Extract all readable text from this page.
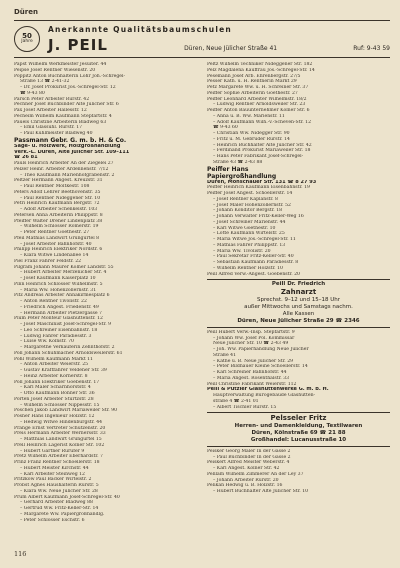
Düren
50
Jahre
Anerkannte Qualitätsbaumschulen
J. PEIL	Düren, Neue Jülicher Straße 41	Ruf: 9-43 59
Papst Wilhelm Werkmeister Jesuiter. 44
Peipse Josef Rentner Wiesenstr. 20
Poppitz Anton Buchhalterin Lohr Joh.-Schregel-
Straße 13 ☎ 2-41-32
– Dr. Josef Prokurist Jos.-Schregel-Str. 12
☎ 9-43 80
Parsch Peter Arbeiter Rurstr. 42
Pechner Josef Buchbinder Alte Jülicher Str. 6
Pax Josef Arbeiter Hallesstr. 12
Pecheim Wilhelm Kaufmann Stepfartstr. 4
Pauels Christine Arbeiterin Bladweg 63
– Emil Glassuhl. Rurstr. 17
– Paul Kühlmeister Bladweg 40
Passmann Gebr. G. m. b. H. & Co.
Säge- u. Holzwerk, Holzgroßhandlung
Verk.-L. Düren, Alte Jülicher Str. 109–111
☎ 26 81
Pauls Heinrich Arbeiter An der Ziegelei 27
Pelzer Heinr. Arbeiter Ardennenstr. 7/12
– Theo Kaufmann Marienhofgrabenstr. 2
Peltzer Hermann Angest. Kreuzstr. 31
– Paul Rentner Moltkestr. 108
Peters Adolf Lehrer Beethovenstr. 35
– Paul Rentner Nideggener Str. 10
Petri Heinrich Kaufmann Bergstr. 72
– Adolf Arbeiter Schenkelstr. 103
Petersen Anna Arbeiterin Philippstr. 8
Pfeiffer Walter Dreher Lindenplatz 38
– Wilhelm Schlosser Römerstr. 19
– Peter Rentner Goethestr. 27
Pfeil Mathias Landwirt Grüngürtel 8
– Josef Arbeiter Bahnhofstr. 40
Philipp Heinrich Elektriker Nordstr. 6
– Klara Witwe Lindenallee 14
Piel Franz Fahrer Feldstr. 22
Pilgram Johann Maurer Kölner Landstr. 55
– Hubert Arbeiter Merzenicher Str. 4
– Josef Kaufmann Kaiserplatz 10
Pinn Heinrich Schlosser Wilhelmstr. 5
– Maria Ww. Hohenzollernstr. 31
Pitz Andreas Arbeiter Annakirmesplatz 6
– Anton Rentner Tivolistr. 22
– Friedrich Angest. Friedenstr. 49
– Hermann Arbeiter Pletzergasse 7
Plum Peter Monteur Glashüttenstr. 12
– Josef Maschinist Josef-Schregel-Str. 9
– Leo Schreiner Eisenbahnstr. 18
– Ludwig Fahrer Paradiesstr. 3
– Luise Ww. Kölnstr. 70
– Margarethe Verkäuferin Zehnthofstr. 2
Pöll Johann Schuhmacher Arnoldsweilerstr. 61
Pohl Wilhelm Kaufmann Markt 11
– Anton Arbeiter Weierstr. 25
– Gustav Kraftfahrer Veldener Str. 39
– Heinz Arbeiter Körnerstr. 8
Poll Johann Elektriker Goebenstr. 17
– Karl Maler Scharnhorststr. 4
– Otto Kaufmann Bonner Str. 36
Porten Josef Arbeiter Stürtzstr. 28
– Wilhelm Schlosser Nippesstr. 15
Poschen Jakob Landwirt Mariaweiler Str. 90
Posner Hans Ingenieur Holzstr. 12
– Hedwig Witwe Hindenburgstr. 44
Prange Ernst Vertreter Schützenstr. 20
Preis Hermann Arbeiter Wernersstr. 33
– Matthias Landwirt Grüngürtel 15
Prell Heinrich Lagerist Kölner Str. 102
– Hubert Gärtner Rurufer 9
Pretz Wilhelm Arbeiter Eberhardstr. 7
Prinz Franz Rentner Schoellerstr. 18
– Hubert Meister Kirchstr. 44
– Karl Arbeiter Steinweg 12
Pritzkow Paul Bäcker Wirtelstr. 2
Probst Agnes Haushälterin Rurstr. 5
– Klara Ww. Neue Jülicher Str. 28
Prüm Albert Kaufmann Josef-Schregel-Str. 40
– Gerhard Arbeiter Bladweg 88
– Gertrud Ww. Fritz-Keller-Str. 14
– Margarete Ww. Papiergroßhandlg.
– Peter Schlosser Eschstr. 6
Peltz Wilhelm Techniker Nideggener Str. 182
Pelz Magdalena Kauffrau Jos.-Schregel-Str. 14
Pesemann Josef Arb. Ehrenbergstr. 27/5
Pesser Kath. u. H. Rentnerin Markt 29
Petz Margarete Ww. u. H. Schreiner Str. 37
Peiffer Sophie Arbeiterin Goethestr. 27
Peiffer Leonhard Arbeiter Wilhelmstr. 18/2
– Ludwig Rentner Arnoldsweiler Str. 23
Peiffer Anton Bauunternehmer Kölner Str. 6
– Anna u. B. Ww. Marienstr. 11
– Adolf Kaufmann Wilh.-v.-Scheven-Str. 12
☎ 9-43 60
– Christian Ww. Nidegger Str. 90
– Fritz u. M. Gebrüder Rurstr. 14
– Heinrich Buchhalter Alte Jülicher Str. 42
– Ferdinand Prokurist Mariaweiler Str. 18
– Hans Peter Fabrikant Josef-Schregel-
Straße 43 ☎ 2-43 88
Peiffer Hans
Papiergroßhandlung
Düren, Monschauer Str. 131 ☎ 8 27 93
Peiffer Heinrich Kaufmann Eisenbahnstr. 19
Peiffer Josef Angest. Schoellerstr. 14
– Josef Rentner Kaplanstr. 8
– Josef Maler Hohenzollernstr. 52
– Johann Konditor Bergstr. 18
– Johann Verwalter Fritz-Keller-Weg 16
– Josef Schreiner Marienstr. 44
– Karl Witwe Goethestr. 10
– Lotte Kaufmann Wirtelstr. 25
– Maria Witwe Jos.-Schregel-Str. 11
– Mathias Fahrer Philippstr. 13
– Maria Ww. Tivolistr. 20
– Paul Sekretär Fritz-Keller-Str. 40
– Sebastian Kaufmann Paradiesstr. 8
– Wilhelm Rentner Holzstr. 10
Peill Alfred Verw.-Angest. Goebenstr. 20
Peill Dr. Friedrich
Zahnarzt
Sprechst. 9–12 und 15–18 Uhr
außer Mittwochs und Samstags nachm.
Alle Kassen
Düren, Neue Jülicher Straße 29 ☎ 2346
Peill Hubert Verw.-Insp. Stepfartstr. 9
– Johann Ww. Josef Pol. Kommissar
Neue Jülicher Str. 10 ☎ 2-43 49
– Joh. Ww. Papierhandlung Neue Jülicher
Straße 41
– Käthe u. B. Neue Jülicher Str. 29
– Peter Bildhauer Kleine Schoellerstr. 14
– Karl Schreiner Bahnhofstr. 44
– Maria Angest. Rosenthalstr. 33
Peill Christine Fabrikant Weierstr. 112
Peill & Putzler Glashüttenwerke G. m. b. H.
Hauptverwaltung Bürogebäude Glashütten-
straße 4 ☎ 2-41 01
– Albert Tischler Rurstr. 15
Pelsseler Fritz
Herren- und Damenkleidung, Textilwaren
Düren, Kölnstraße 69 ☎ 21 88
Großhandel: Lucanusstraße 10
Peisker Georg Maler In der Gasse 2
– Paul Buchbinder In der Gasse 2
Peiskert Alfred Meister Weberstr. 4
– Karl Angest. Kölner Str. 42
Pelllam Wilhelm Zimmerer An der Ley 37
– Johann Arbeiter Rurstr. 20
Pelikan Hedwig u. B. Holzstr. 16
– Hubert Buchhalter Alte Jülicher Str. 10
116
